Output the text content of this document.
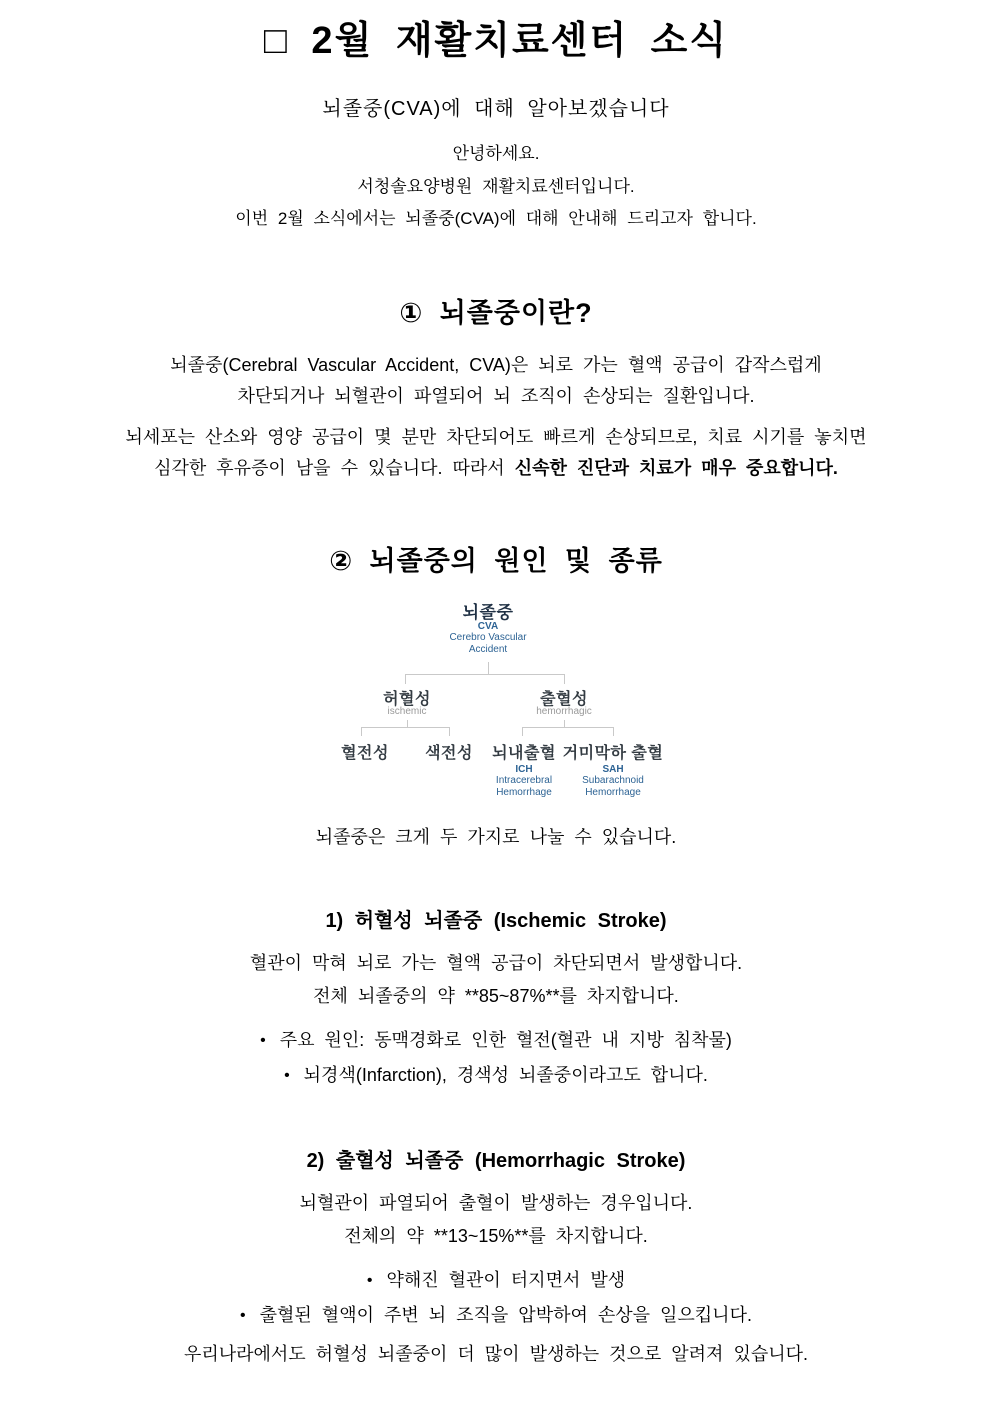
□ 2월 재활치료센터 소식
뇌졸중(CVA)에 대해 알아보겠습니다
안녕하세요.
서청솔요양병원 재활치료센터입니다.
이번 2월 소식에서는 뇌졸중(CVA)에 대해 안내해 드리고자 합니다.
① 뇌졸중이란?
뇌졸중(Cerebral Vascular Accident, CVA)은 뇌로 가는 혈액 공급이 갑작스럽게
차단되거나 뇌혈관이 파열되어 뇌 조직이 손상되는 질환입니다.
뇌세포는 산소와 영양 공급이 몇 분만 차단되어도 빠르게 손상되므로, 치료 시기를 놓치면
심각한 후유증이 남을 수 있습니다. 따라서 신속한 진단과 치료가 매우 중요합니다.
② 뇌졸중의 원인 및 종류
뇌졸중
CVA
Cerebro Vascular
Accident
허혈성
ischemic
출혈성
hemorrhagic
혈전성 색전성 뇌내출혈
ICH
Intracerebral
Hemorrhage
거미막하 출혈
SAH
Subarachnoid
Hemorrhage
뇌졸중은 크게 두 가지로 나눌 수 있습니다.
1) 허혈성 뇌졸중 (Ischemic Stroke)
혈관이 막혀 뇌로 가는 혈액 공급이 차단되면서 발생합니다.
전체 뇌졸중의 약 **85~87%**를 차지합니다.
• 주요 원인: 동맥경화로 인한 혈전(혈관 내 지방 침착물)
• 뇌경색(Infarction), 경색성 뇌졸중이라고도 합니다.
2) 출혈성 뇌졸중 (Hemorrhagic Stroke)
뇌혈관이 파열되어 출혈이 발생하는 경우입니다.
전체의 약 **13~15%**를 차지합니다.
• 약해진 혈관이 터지면서 발생
• 출혈된 혈액이 주변 뇌 조직을 압박하여 손상을 일으킵니다.
우리나라에서도 허혈성 뇌졸중이 더 많이 발생하는 것으로 알려져 있습니다.
